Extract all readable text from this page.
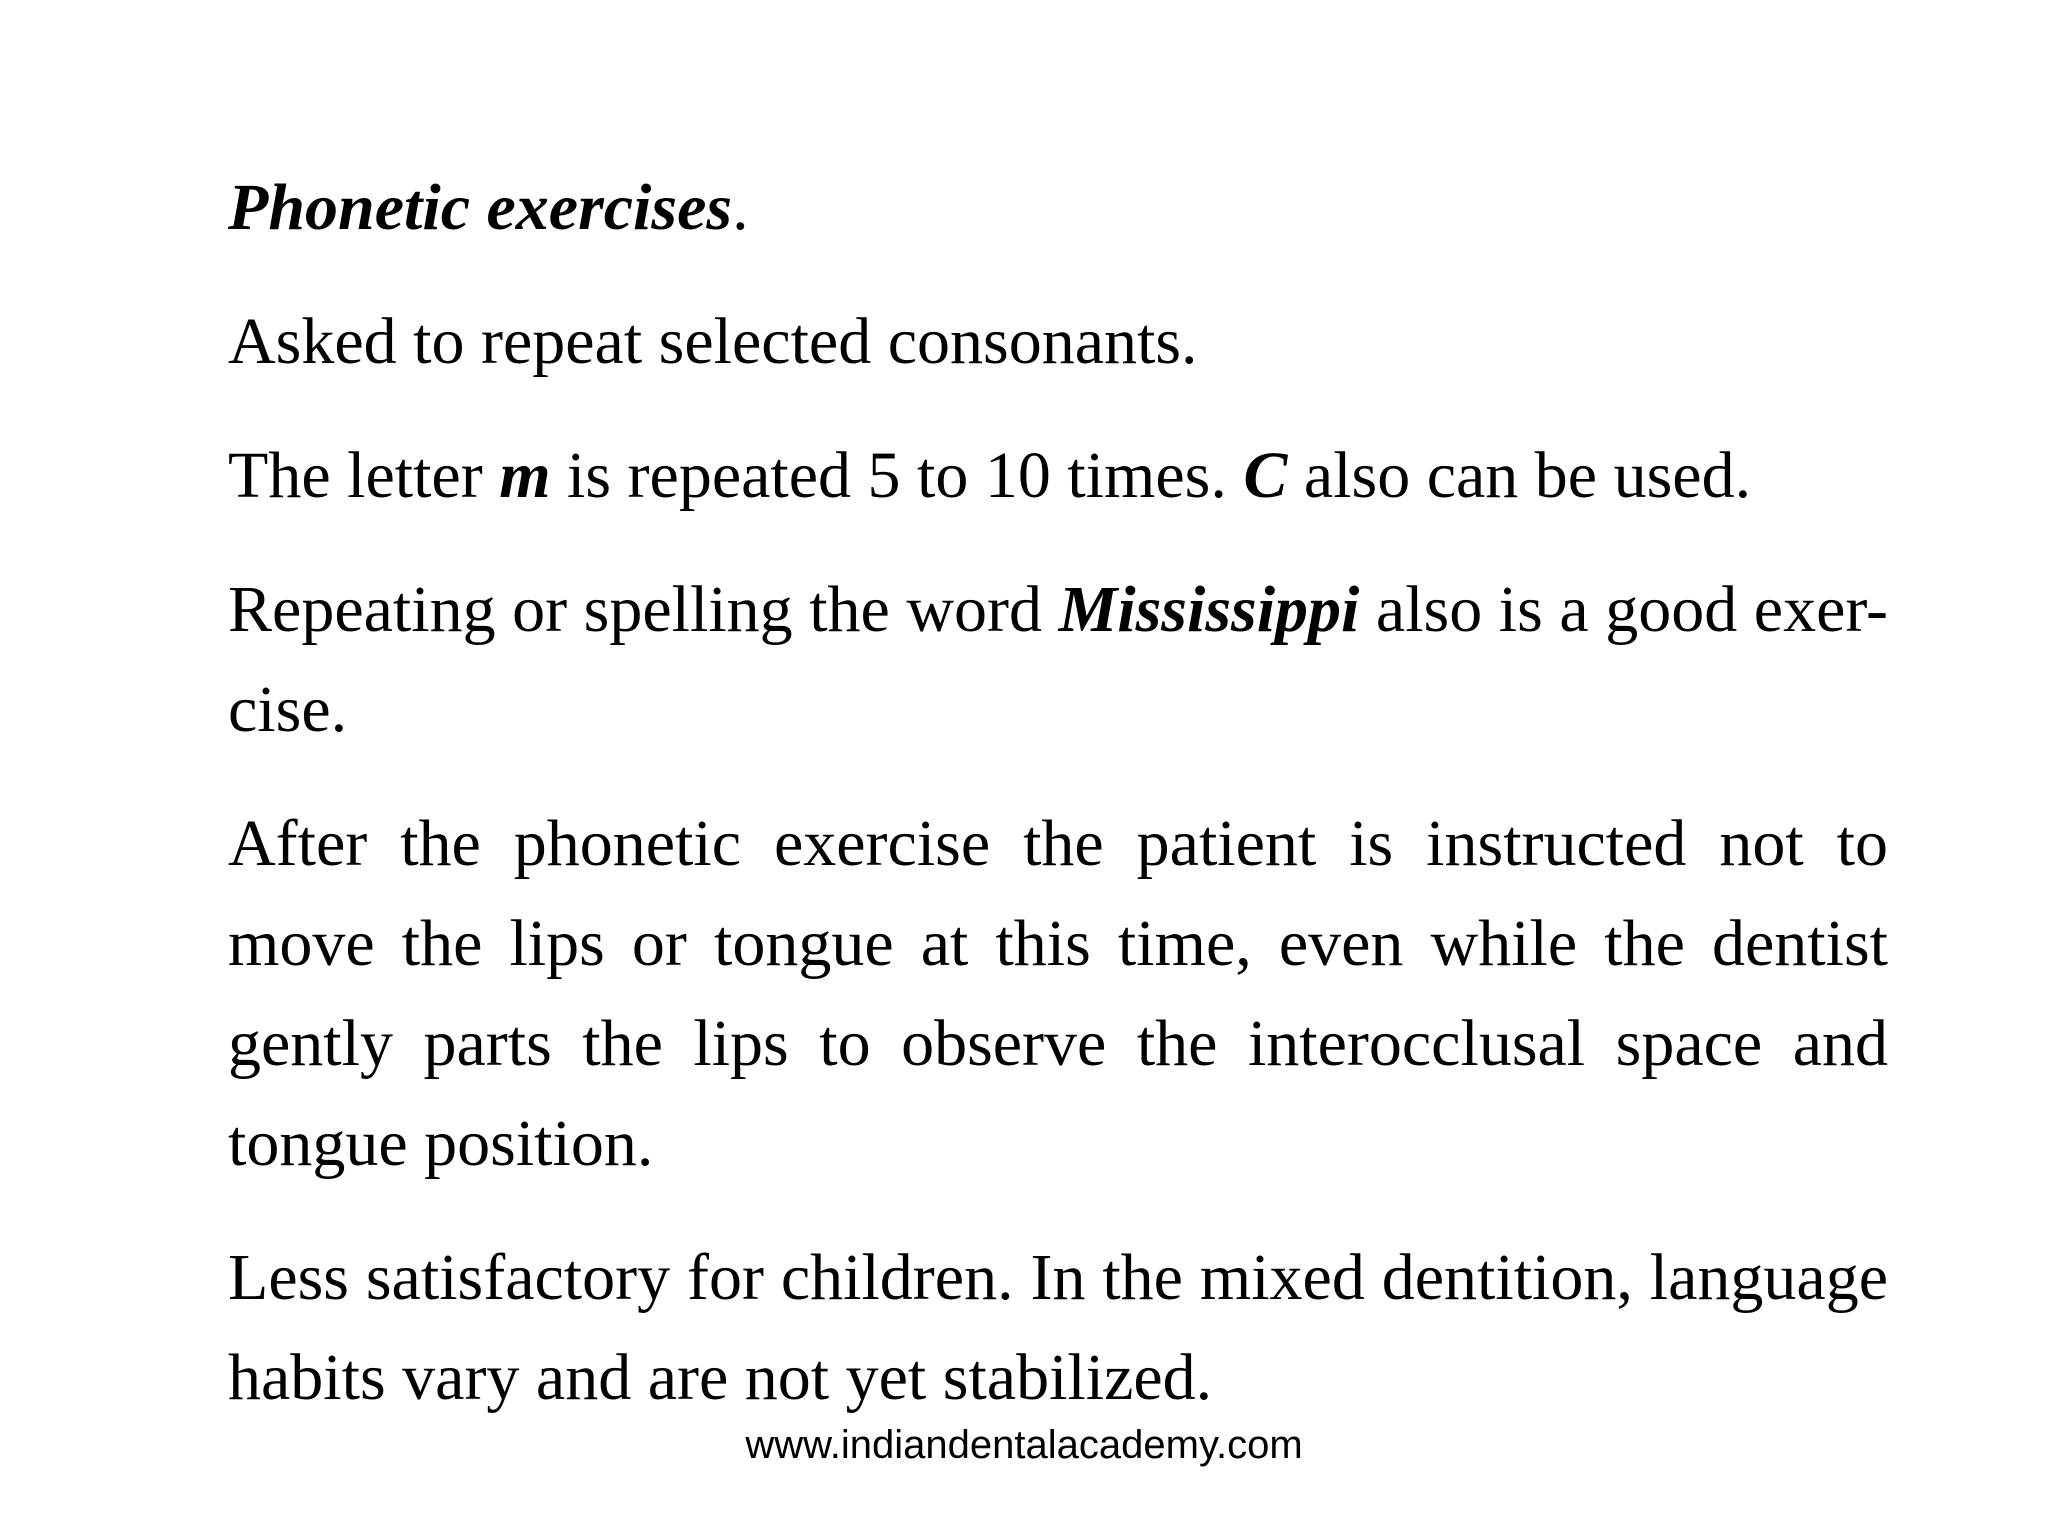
Phonetic exercises.

Asked to repeat selected consonants.

The letter m is repeated 5 to 10 times. C also can be used.

Repeating or spelling the word Mississippi also is a good exer-cise.

After the phonetic exercise the patient is instructed not to move the lips or tongue at this time, even while the dentist gently parts the lips to observe the interocclusal space and tongue position.

Less satisfactory for children. In the mixed dentition, language habits vary and are not yet stabilized.

www.indiandentalacademy.com
